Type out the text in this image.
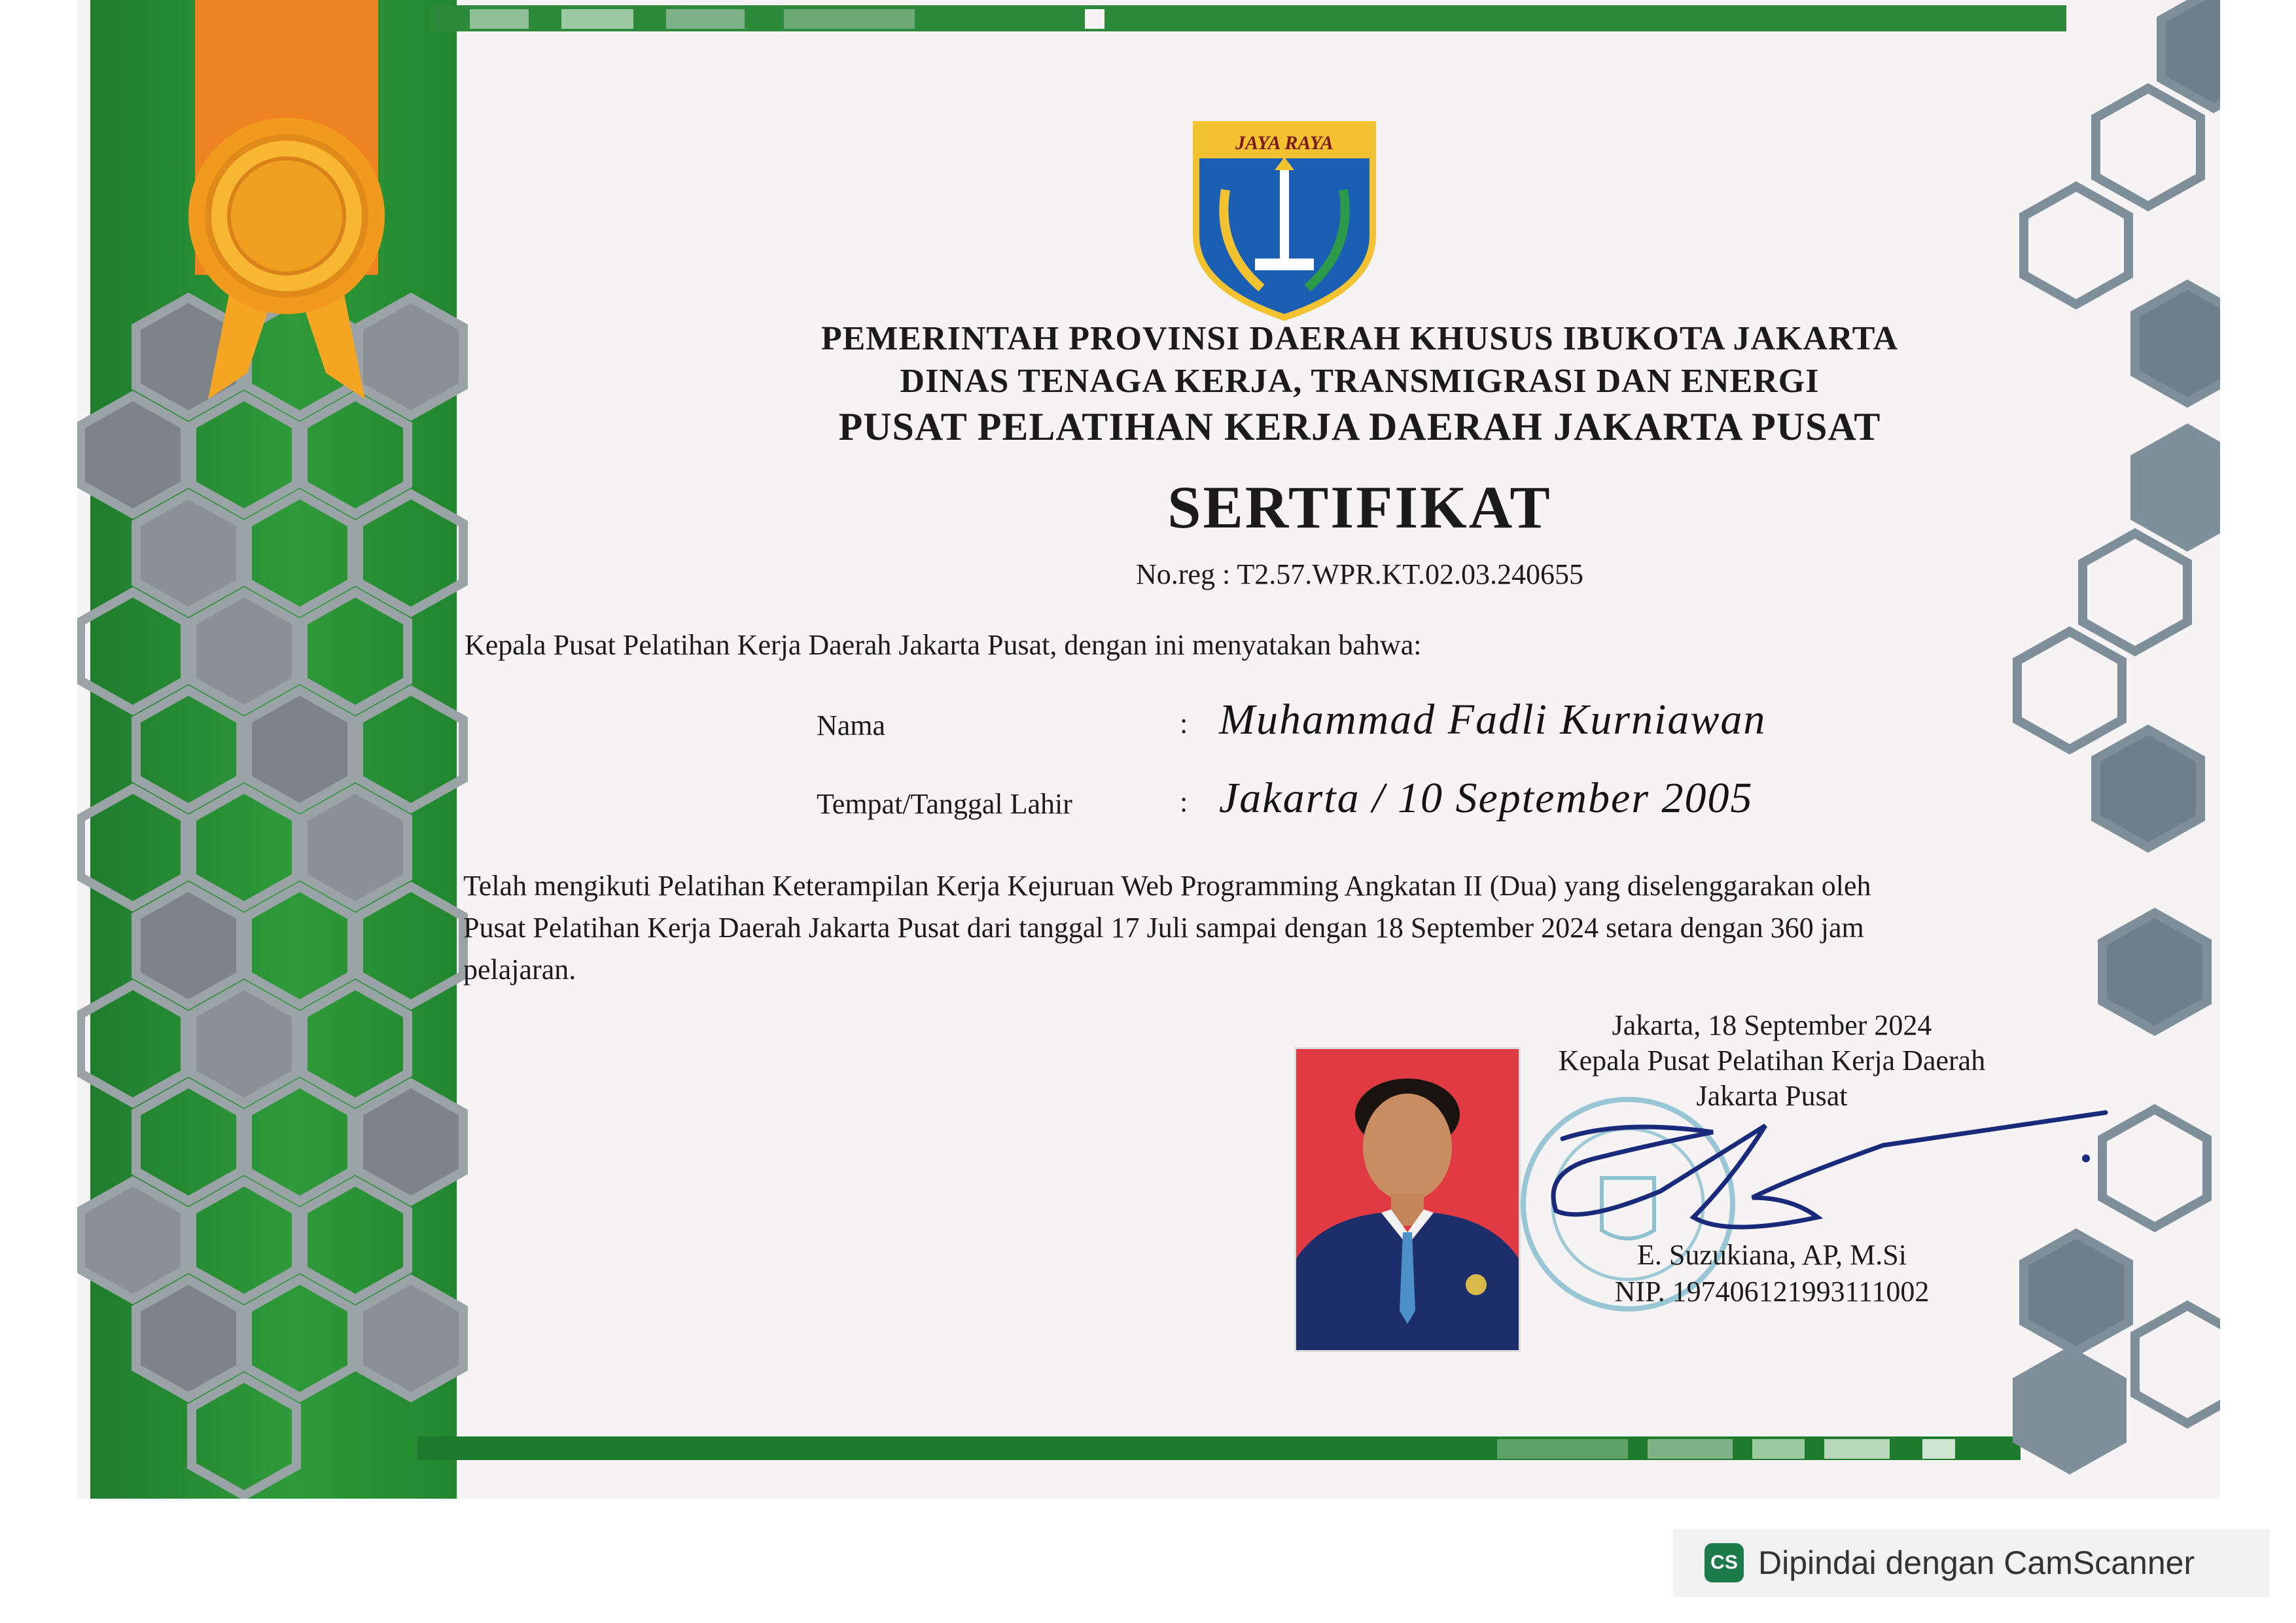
JAYA RAYA
PEMERINTAH PROVINSI DAERAH KHUSUS IBUKOTA JAKARTA
DINAS TENAGA KERJA, TRANSMIGRASI DAN ENERGI
PUSAT PELATIHAN KERJA DAERAH JAKARTA PUSAT
SERTIFIKAT
No.reg : T2.57.WPR.KT.02.03.240655
Kepala Pusat Pelatihan Kerja Daerah Jakarta Pusat, dengan ini menyatakan bahwa:
Nama	: Muhammad Fadli Kurniawan
Tempat/Tanggal Lahir	: Jakarta / 10 September 2005
Telah mengikuti Pelatihan Keterampilan Kerja Kejuruan Web Programming Angkatan II (Dua) yang diselenggarakan oleh
Pusat Pelatihan Kerja Daerah Jakarta Pusat dari tanggal 17 Juli sampai dengan 18 September 2024 setara dengan 360 jam
pelajaran.
Jakarta, 18 September 2024
Kepala Pusat Pelatihan Kerja Daerah
Jakarta Pusat
E. Suzukiana, AP, M.Si
NIP. 197406121993111002
CS Dipindai dengan CamScanner
